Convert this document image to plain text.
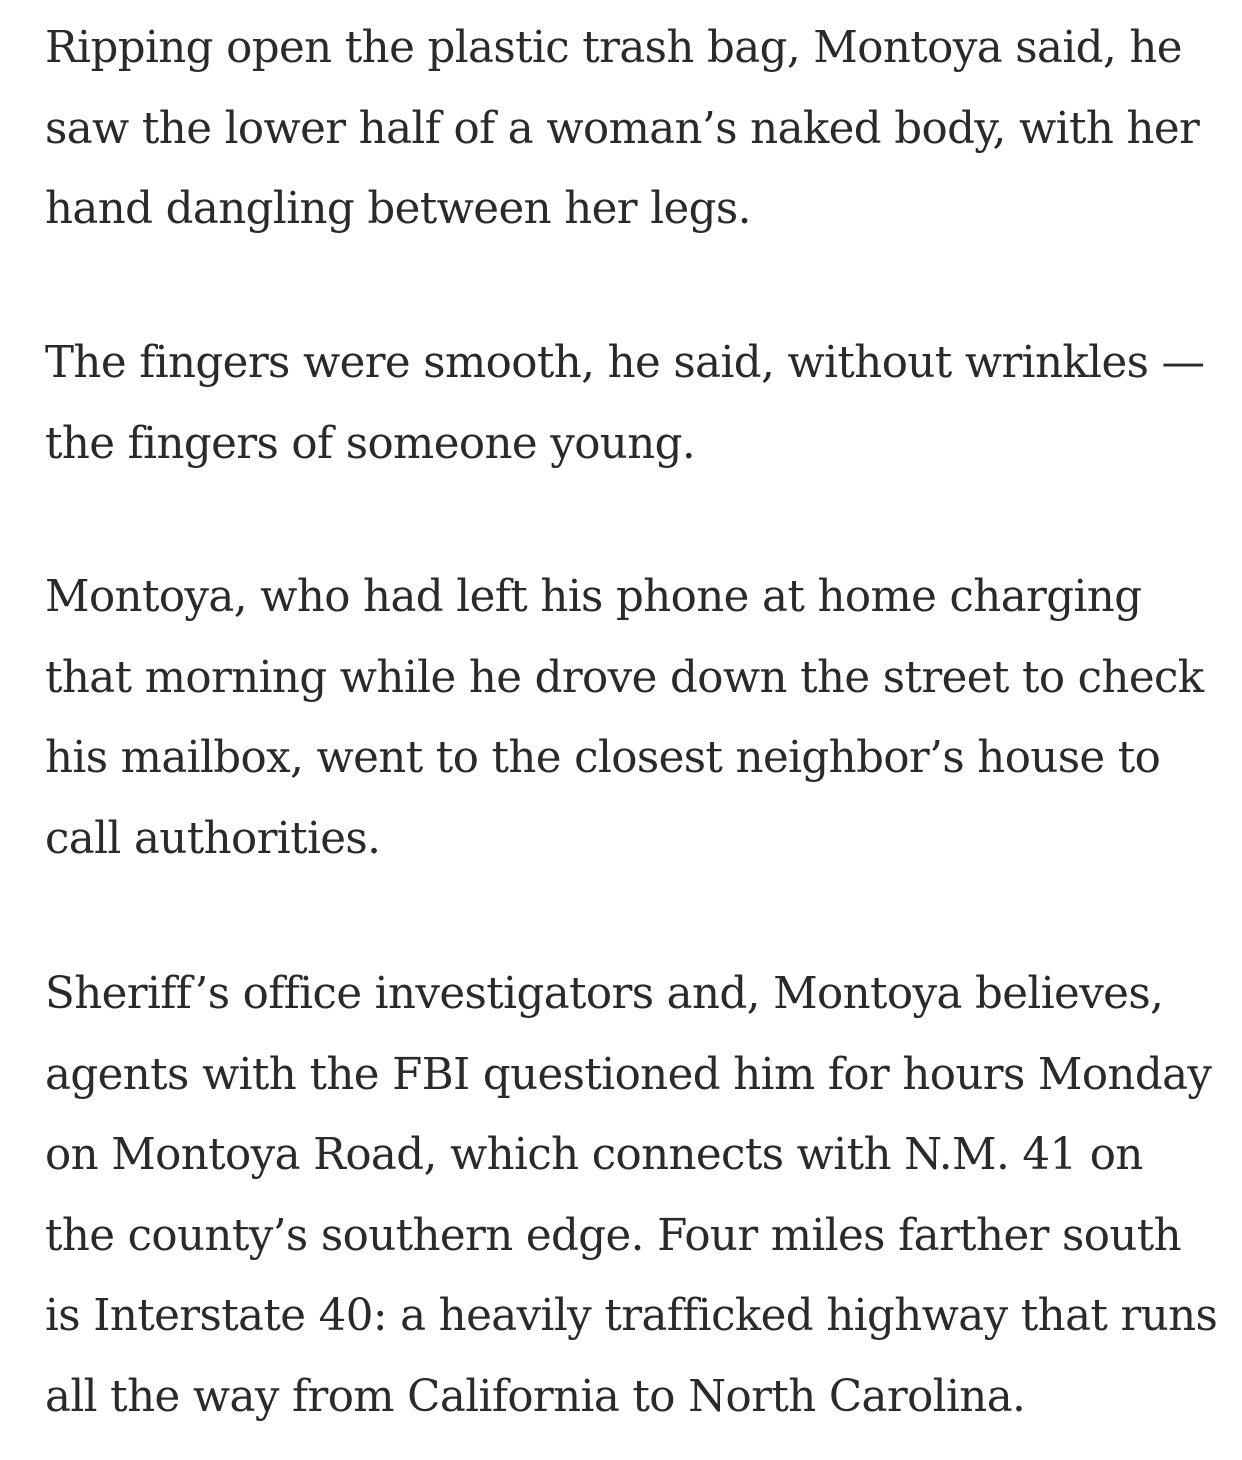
Ripping open the plastic trash bag, Montoya said, he
saw the lower half of a woman’s naked body, with her
hand dangling between her legs.

The fingers were smooth, he said, without wrinkles —
the fingers of someone young.

Montoya, who had left his phone at home charging
that morning while he drove down the street to check
his mailbox, went to the closest neighbor’s house to
call authorities.

Sheriff’s office investigators and, Montoya believes,
agents with the FBI questioned him for hours Monday
on Montoya Road, which connects with N.M. 41 on
the county’s southern edge. Four miles farther south
is Interstate 40: a heavily trafficked highway that runs
all the way from California to North Carolina.
